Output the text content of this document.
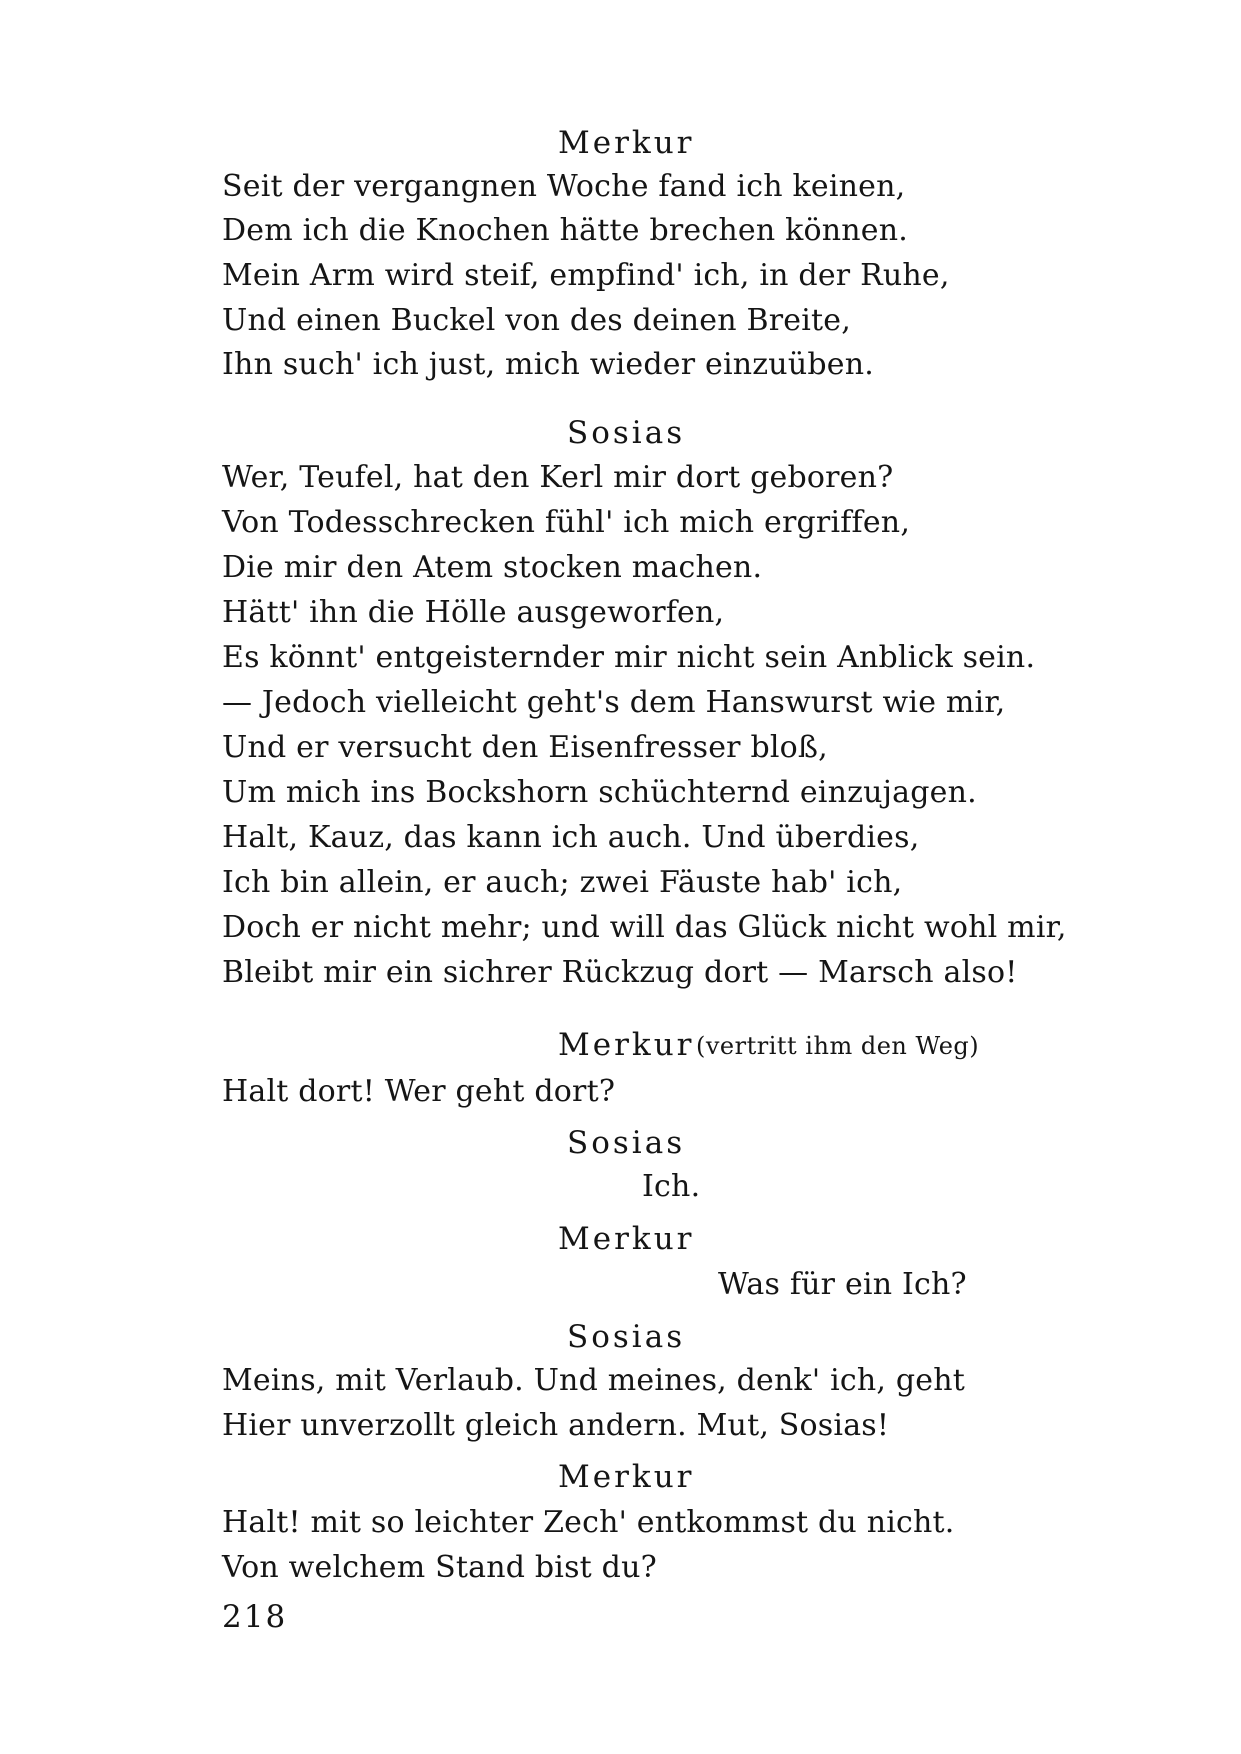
Merkur
Seit der vergangnen Woche fand ich keinen,
Dem ich die Knochen hätte brechen können.
Mein Arm wird steif, empfind' ich, in der Ruhe,
Und einen Buckel von des deinen Breite,
Ihn such' ich just, mich wieder einzuüben.
Sosias
Wer, Teufel, hat den Kerl mir dort geboren?
Von Todesschrecken fühl' ich mich ergriffen,
Die mir den Atem stocken machen.
Hätt' ihn die Hölle ausgeworfen,
Es könnt' entgeisternder mir nicht sein Anblick sein.
— Jedoch vielleicht geht's dem Hanswurst wie mir,
Und er versucht den Eisenfresser bloß,
Um mich ins Bockshorn schüchternd einzujagen.
Halt, Kauz, das kann ich auch. Und überdies,
Ich bin allein, er auch; zwei Fäuste hab' ich,
Doch er nicht mehr; und will das Glück nicht wohl mir,
Bleibt mir ein sichrer Rückzug dort — Marsch also!
Merkur (vertritt ihm den Weg)
Halt dort! Wer geht dort?
Sosias
Ich.
Merkur
Was für ein Ich?
Sosias
Meins, mit Verlaub. Und meines, denk' ich, geht
Hier unverzollt gleich andern. Mut, Sosias!
Merkur
Halt! mit so leichter Zech' entkommst du nicht.
Von welchem Stand bist du?
218
